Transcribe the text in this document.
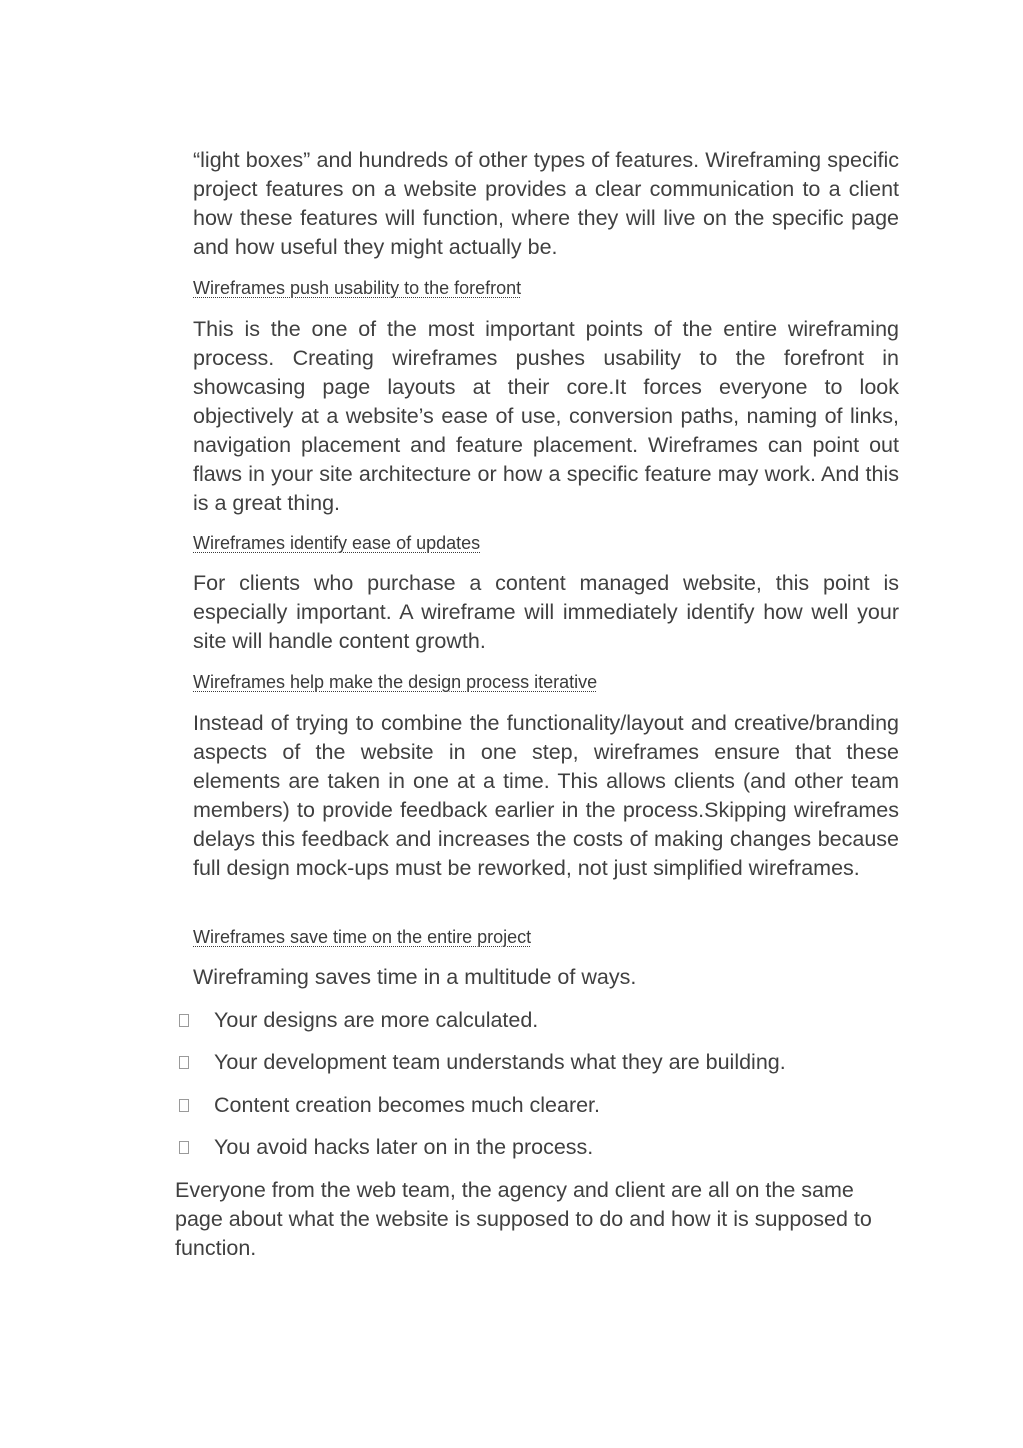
“light boxes” and hundreds of other types of features. Wireframing specific project features on a website provides a clear communication to a client how these features will function, where they will live on the specific page and how useful they might actually be.

Wireframes push usability to the forefront

This is the one of the most important points of the entire wireframing process. Creating wireframes pushes usability to the forefront in showcasing page layouts at their core.It forces everyone to look objectively at a website’s ease of use, conversion paths, naming of links, navigation placement and feature placement. Wireframes can point out flaws in your site architecture or how a specific feature may work. And this is a great thing.

Wireframes identify ease of updates

For clients who purchase a content managed website, this point is especially important. A wireframe will immediately identify how well your site will handle content growth.

Wireframes help make the design process iterative

Instead of trying to combine the functionality/layout and creative/branding aspects of the website in one step, wireframes ensure that these elements are taken in one at a time. This allows clients (and other team members) to provide feedback earlier in the process.Skipping wireframes delays this feedback and increases the costs of making changes because full design mock-ups must be reworked, not just simplified wireframes.

Wireframes save time on the entire project

Wireframing saves time in a multitude of ways.

Your designs are more calculated.
Your development team understands what they are building.
Content creation becomes much clearer.
You avoid hacks later on in the process.

Everyone from the web team, the agency and client are all on the same page about what the website is supposed to do and how it is supposed to function.
